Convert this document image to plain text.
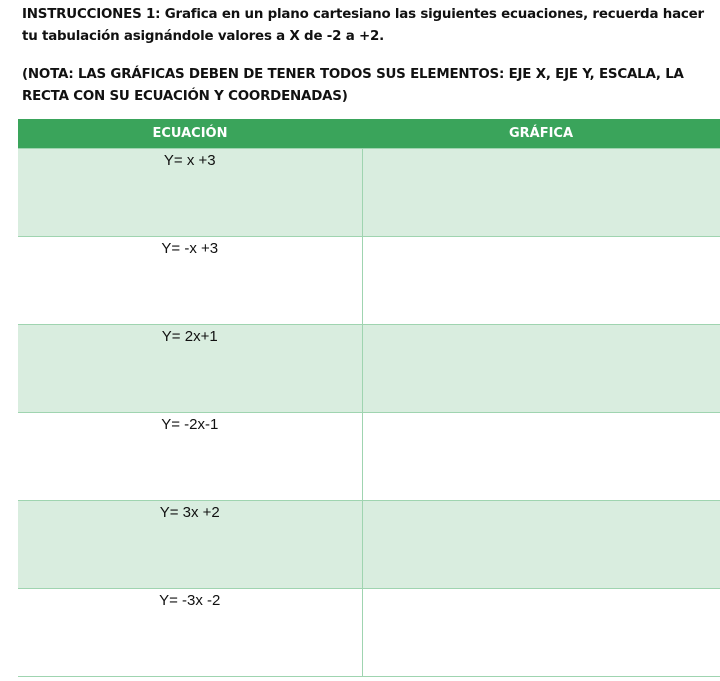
INSTRUCCIONES 1: Grafica en un plano cartesiano las siguientes ecuaciones, recuerda hacer

tu tabulación asignándole valores a X de -2 a +2.

(NOTA: LAS GRÁFICAS DEBEN DE TENER TODOS SUS ELEMENTOS: EJE X, EJE Y, ESCALA, LA

RECTA CON SU ECUACIÓN Y COORDENADAS)

ECUACIÓN	GRÁFICA

Y= x +3	

Y= -x +3	

Y= 2x+1	

Y= -2x-1	

Y= 3x +2	

Y= -3x -2	
